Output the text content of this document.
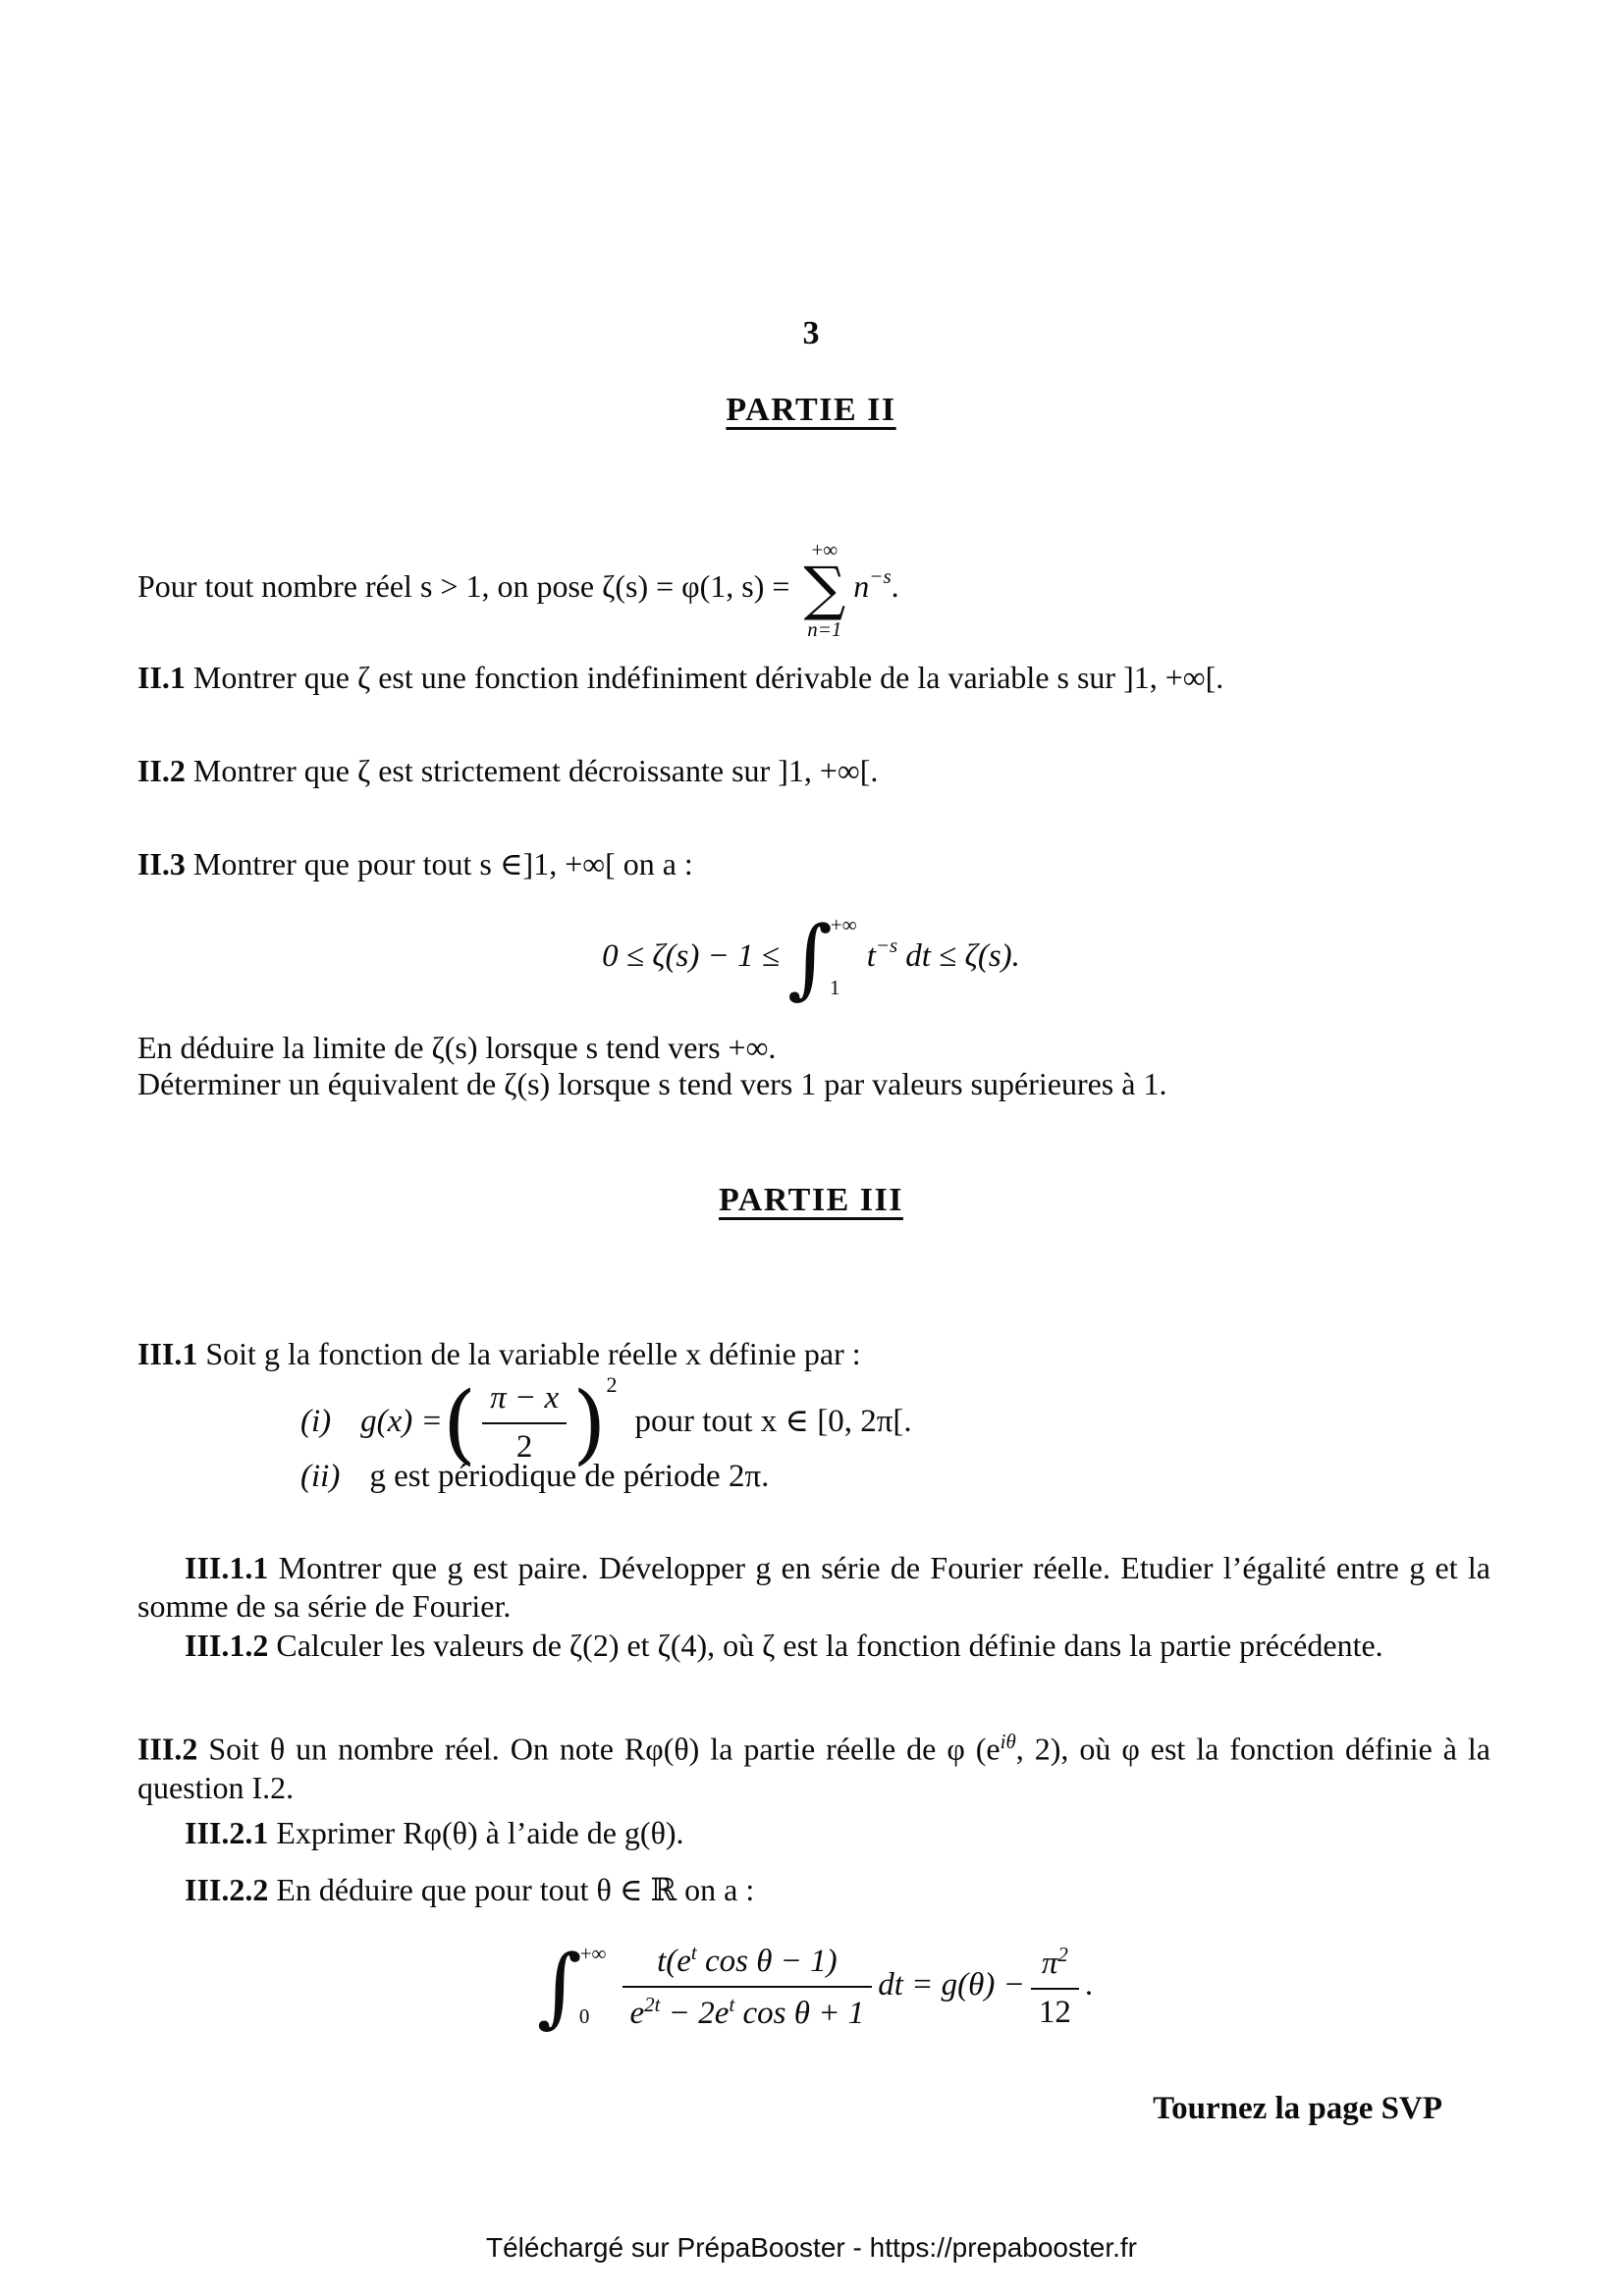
3
PARTIE II
Pour tout nombre réel s > 1, on pose ζ(s) = φ(1, s) =
+∞
∑
n=1
$n^{-s}$.
II.1 Montrer que ζ est une fonction indéfiniment dérivable de la variable s sur ]1, +∞[.
II.2 Montrer que ζ est strictement décroissante sur ]1, +∞[.
II.3 Montrer que pour tout s ∈]1, +∞[ on a :
0 ≤ ζ(s) − 1 ≤ ∫
+∞
1
$t^{-s}$ dt ≤ ζ(s).
En déduire la limite de ζ(s) lorsque s tend vers +∞.
Déterminer un équivalent de ζ(s) lorsque s tend vers 1 par valeurs supérieures à 1.
PARTIE III
III.1 Soit g la fonction de la variable réelle x définie par :
(i) g(x) =( $\frac{\pi - x}{2}$ )$^2$pour tout x ∈ [0, 2π[.
(ii) g est périodique de période 2π.
III.1.1 Montrer que g est paire. Développer g en série de Fourier réelle. Etudier l’égalité entre g et la somme de sa série de Fourier.
III.1.2 Calculer les valeurs de ζ(2) et ζ(4), où ζ est la fonction définie dans la partie précédente.
III.2 Soit θ un nombre réel. On note Rφ(θ) la partie réelle de φ ($e^{i\theta}$, 2), où φ est la fonction définie à la question I.2.
III.2.1 Exprimer Rφ(θ) à l’aide de g(θ).
III.2.2 En déduire que pour tout θ ∈ ℝ on a :
∫
+∞
0	$\frac{t(e^t \cos \theta - 1)}{e^{2t} - 2e^t \cos \theta + 1}$ dt = $g(\theta) - \frac{\pi^2}{12}$ .
Tournez la page SVP
Téléchargé sur PrépaBooster - https://prepabooster.fr
